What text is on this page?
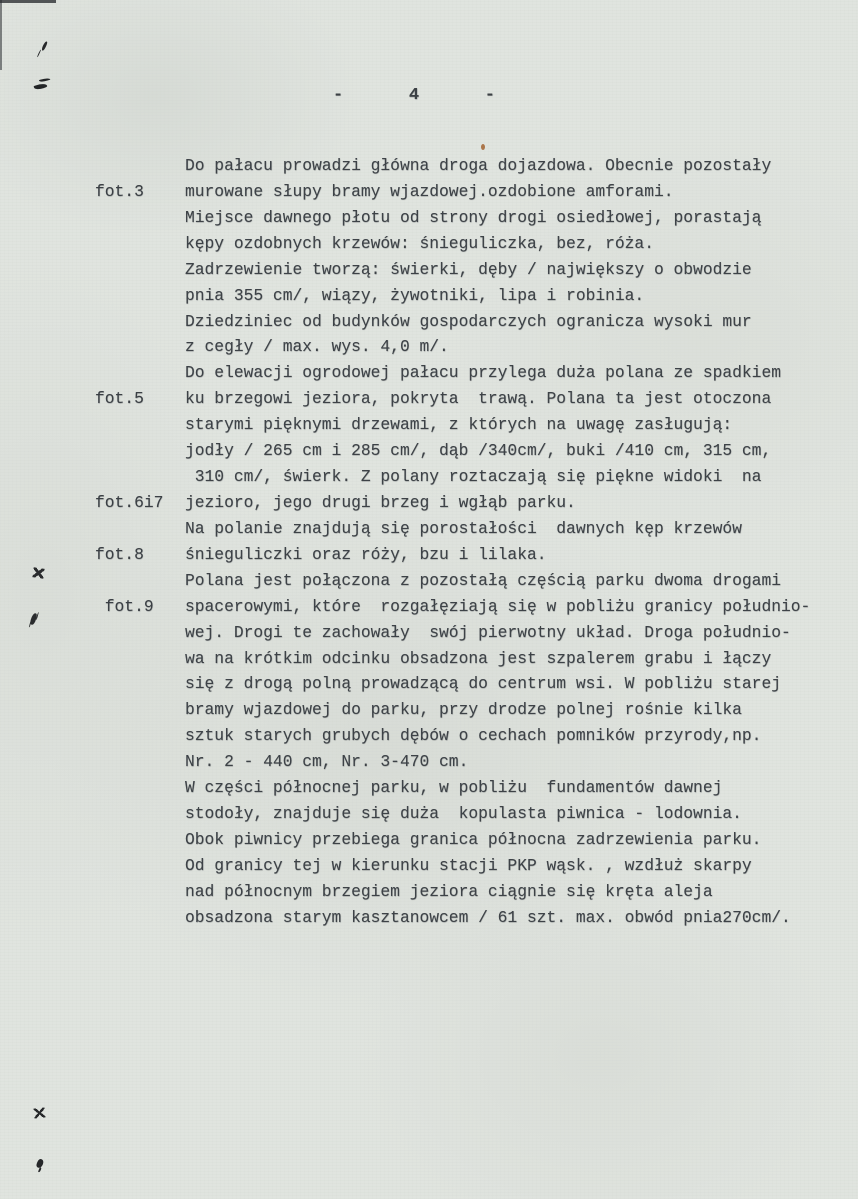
-	4	-
Do pałacu prowadzi główna droga dojazdowa. Obecnie pozostały
fot.3	murowane słupy bramy wjazdowej.ozdobione amforami.
Miejsce dawnego płotu od strony drogi osiedłowej, porastają
kępy ozdobnych krzewów: śnieguliczka, bez, róża.
Zadrzewienie tworzą: świerki, dęby / największy o obwodzie
pnia 355 cm/, wiązy, żywotniki, lipa i robinia.
Dziedziniec od budynków gospodarczych ogranicza wysoki mur
z cegły / max. wys. 4,0 m/.
Do elewacji ogrodowej pałacu przylega duża polana ze spadkiem
fot.5	ku brzegowi jeziora, pokryta  trawą. Polana ta jest otoczona
starymi pięknymi drzewami, z których na uwagę zasługują:
jodły / 265 cm i 285 cm/, dąb /340cm/, buki /410 cm, 315 cm,
310 cm/, świerk. Z polany roztaczają się piękne widoki  na
fot.6i7 jezioro, jego drugi brzeg i wgłąb parku.
Na polanie znajdują się porostałości  dawnych kęp krzewów
fot.8	śnieguliczki oraz róży, bzu i lilaka.
Polana jest połączona z pozostałą częścią parku dwoma drogami
fot.9 spacerowymi, które  rozgałęziają się w pobliżu granicy południo-
wej. Drogi te zachowały  swój pierwotny układ. Droga południo-
wa na krótkim odcinku obsadzona jest szpalerem grabu i łączy
się z drogą polną prowadzącą do centrum wsi. W pobliżu starej
bramy wjazdowej do parku, przy drodze polnej rośnie kilka
sztuk starych grubych dębów o cechach pomników przyrody,np.
Nr. 2 - 440 cm, Nr. 3-470 cm.
W części północnej parku, w pobliżu  fundamentów dawnej
stodoły, znajduje się duża  kopulasta piwnica - lodownia.
Obok piwnicy przebiega granica północna zadrzewienia parku.
Od granicy tej w kierunku stacji PKP wąsk. , wzdłuż skarpy
nad północnym brzegiem jeziora ciągnie się kręta aleja
obsadzona starym kasztanowcem / 61 szt. max. obwód pnia270cm/.
